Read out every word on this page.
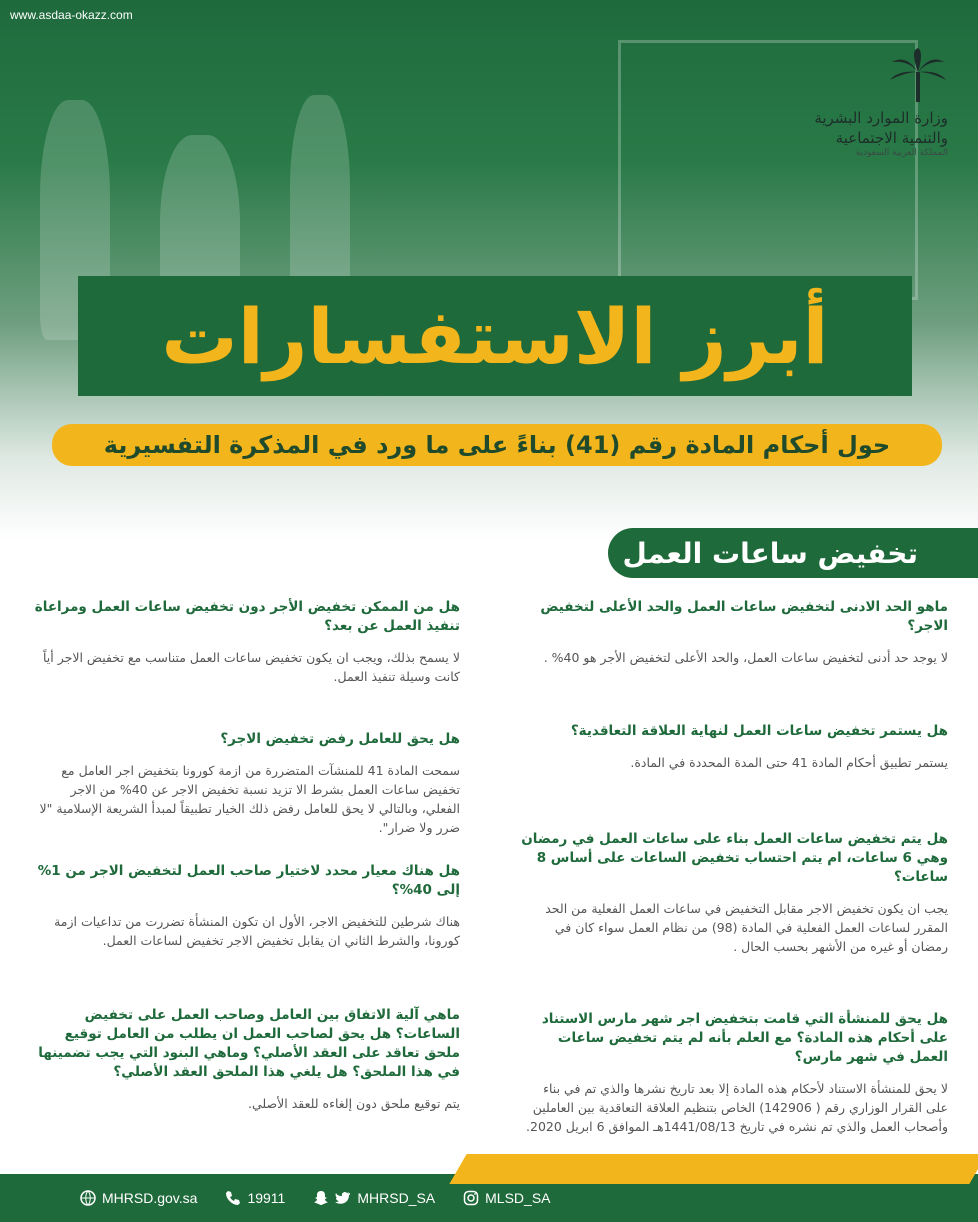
www.asdaa-okazz.com
وزارة الموارد البشرية
والتنمية الاجتماعية
المملكة العربية السعودية
أبرز الاستفسارات
حول أحكام المادة رقم (41) بناءً على ما ورد في المذكرة التفسيرية
تخفيض ساعات العمل
ماهو الحد الادنى لتخفيض ساعات العمل والحد الأعلى لتخفيض الاجر؟
لا يوجد حد أدنى لتخفيض ساعات العمل، والحد الأعلى لتخفيض الأجر هو 40% .
هل يستمر تخفيض ساعات العمل لنهاية العلاقة التعاقدية؟
يستمر تطبيق أحكام المادة 41 حتى المدة المحددة في المادة.
هل يتم تخفيض ساعات العمل بناء على ساعات العمل في رمضان وهي 6 ساعات، ام يتم احتساب تخفيض الساعات على أساس 8 ساعات؟
يجب ان يكون تخفيض الاجر مقابل التخفيض في ساعات العمل الفعلية من الحد المقرر لساعات العمل الفعلية في المادة (98) من نظام العمل سواء كان في رمضان أو غيره من الأشهر بحسب الحال .
هل يحق للمنشأة التي قامت بتخفيض اجر شهر مارس الاستناد على أحكام هذه المادة؟ مع العلم بأنه لم يتم تخفيض ساعات العمل في شهر مارس؟
لا يحق للمنشأة الاستناد لأحكام هذه المادة إلا بعد تاريخ نشرها والذي تم في بناء على القرار الوزاري رقم ( 142906) الخاص بتنظيم العلاقة التعاقدية بين العاملين وأصحاب العمل والذي تم نشره في تاريخ 1441/08/13هـ الموافق 6 ابريل 2020.
هل من الممكن تخفيض الأجر دون تخفيض ساعات العمل ومراعاة تنفيذ العمل عن بعد؟
لا يسمح بذلك، ويجب ان يكون تخفيض ساعات العمل متناسب مع تخفيض الاجر أياً كانت وسيلة تنفيذ العمل.
هل يحق للعامل رفض تخفيض الاجر؟
سمحت المادة 41 للمنشآت المتضررة من ازمة كورونا بتخفيض اجر العامل مع تخفيض ساعات العمل بشرط الا تزيد نسبة تخفيض الاجر عن 40% من الاجر الفعلي، وبالتالي لا يحق للعامل رفض ذلك الخيار تطبيقاً لمبدأ الشريعة الإسلامية "لا ضرر ولا ضرار".
هل هناك معيار محدد لاختيار صاحب العمل لتخفيض الاجر من 1% إلى 40%؟
هناك شرطين للتخفيض الاجر، الأول ان تكون المنشأة تضررت من تداعيات ازمة كورونا، والشرط الثاني ان يقابل تخفيض الاجر تخفيض لساعات العمل.
ماهي آلية الاتفاق بين العامل وصاحب العمل على تخفيض الساعات؟ هل يحق لصاحب العمل ان يطلب من العامل توقيع ملحق تعاقد على العقد الأصلي؟ وماهي البنود التي يجب تضمينها في هذا الملحق؟ هل يلغي هذا الملحق العقد الأصلي؟
يتم توقيع ملحق دون إلغاءه للعقد الأصلي.
MHRSD.gov.sa	19911	MHRSD_SA	MLSD_SA
